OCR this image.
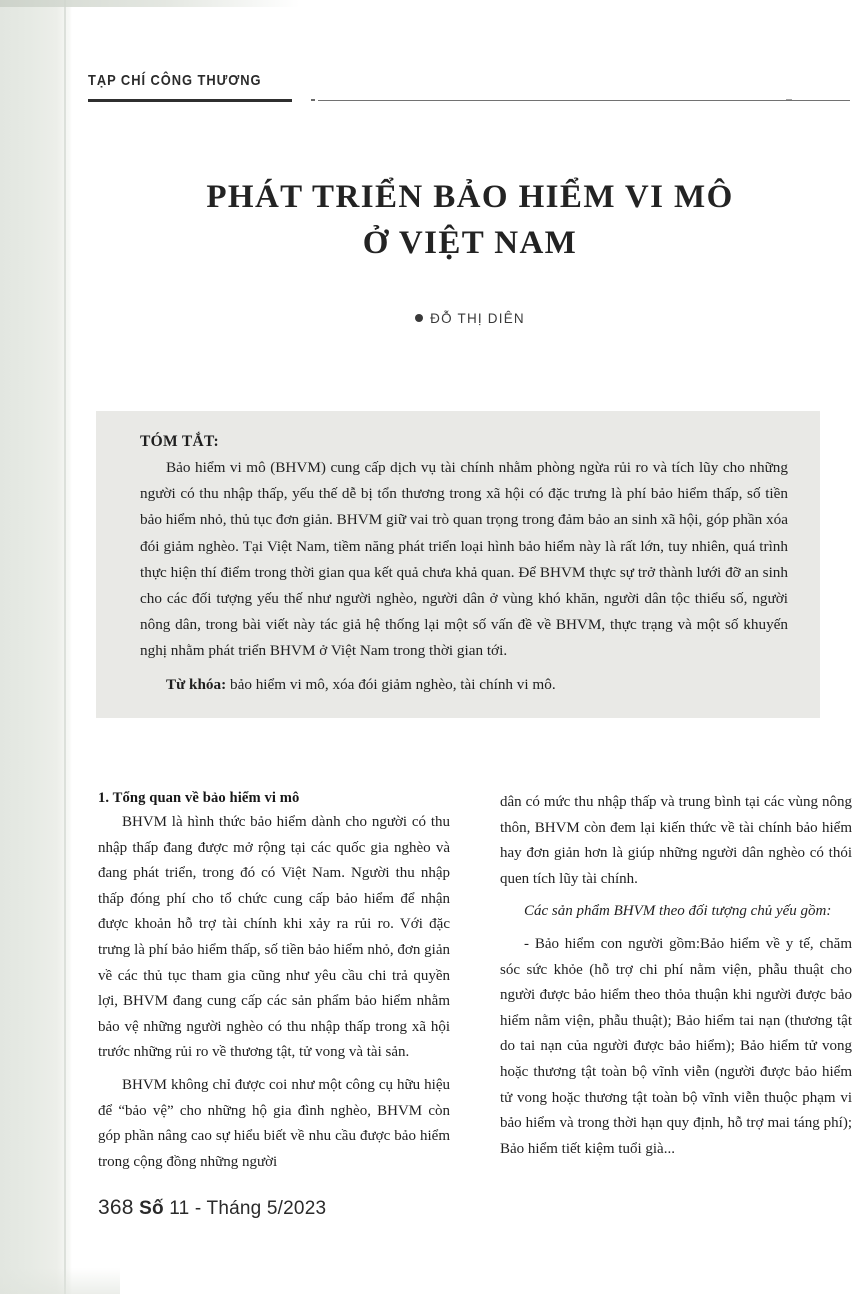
TẠP CHÍ CÔNG THƯƠNG
PHÁT TRIỂN BẢO HIỂM VI MÔ
Ở VIỆT NAM
ĐỖ THỊ DIÊN
TÓM TẮT:

Bảo hiểm vi mô (BHVM) cung cấp dịch vụ tài chính nhằm phòng ngừa rủi ro và tích lũy cho những người có thu nhập thấp, yếu thế dễ bị tổn thương trong xã hội có đặc trưng là phí bảo hiểm thấp, số tiền bảo hiểm nhỏ, thủ tục đơn giản. BHVM giữ vai trò quan trọng trong đảm bảo an sinh xã hội, góp phần xóa đói giảm nghèo. Tại Việt Nam, tiềm năng phát triển loại hình bảo hiểm này là rất lớn, tuy nhiên, quá trình thực hiện thí điểm trong thời gian qua kết quả chưa khả quan. Để BHVM thực sự trở thành lưới đỡ an sinh cho các đối tượng yếu thế như người nghèo, người dân ở vùng khó khăn, người dân tộc thiểu số, người nông dân, trong bài viết này tác giả hệ thống lại một số vấn đề về BHVM, thực trạng và một số khuyến nghị nhằm phát triển BHVM ở Việt Nam trong thời gian tới.

Từ khóa: bảo hiểm vi mô, xóa đói giảm nghèo, tài chính vi mô.

1. Tổng quan về bảo hiểm vi mô

BHVM là hình thức bảo hiểm dành cho người có thu nhập thấp đang được mở rộng tại các quốc gia nghèo và đang phát triển, trong đó có Việt Nam. Người thu nhập thấp đóng phí cho tổ chức cung cấp bảo hiểm để nhận được khoản hỗ trợ tài chính khi xảy ra rủi ro. Với đặc trưng là phí bảo hiểm thấp, số tiền bảo hiểm nhỏ, đơn giản về các thủ tục tham gia cũng như yêu cầu chi trả quyền lợi, BHVM đang cung cấp các sản phẩm bảo hiểm nhằm bảo vệ những người nghèo có thu nhập thấp trong xã hội trước những rủi ro về thương tật, tử vong và tài sản.

BHVM không chỉ được coi như một công cụ hữu hiệu để “bảo vệ” cho những hộ gia đình nghèo, BHVM còn góp phần nâng cao sự hiểu biết về nhu cầu được bảo hiểm trong cộng đồng những người

dân có mức thu nhập thấp và trung bình tại các vùng nông thôn, BHVM còn đem lại kiến thức về tài chính bảo hiểm hay đơn giản hơn là giúp những người dân nghèo có thói quen tích lũy tài chính.

Các sản phẩm BHVM theo đối tượng chủ yếu gồm:

- Bảo hiểm con người gồm:Bảo hiểm về y tế, chăm sóc sức khỏe (hỗ trợ chi phí nằm viện, phẫu thuật cho người được bảo hiểm theo thỏa thuận khi người được bảo hiểm nằm viện, phẫu thuật); Bảo hiểm tai nạn (thương tật do tai nạn của người được bảo hiểm); Bảo hiểm tử vong hoặc thương tật toàn bộ vĩnh viễn (người được bảo hiểm tử vong hoặc thương tật toàn bộ vĩnh viễn thuộc phạm vi bảo hiểm và trong thời hạn quy định, hỗ trợ mai táng phí); Bảo hiểm tiết kiệm tuổi già...

368 Số 11 - Tháng 5/2023
